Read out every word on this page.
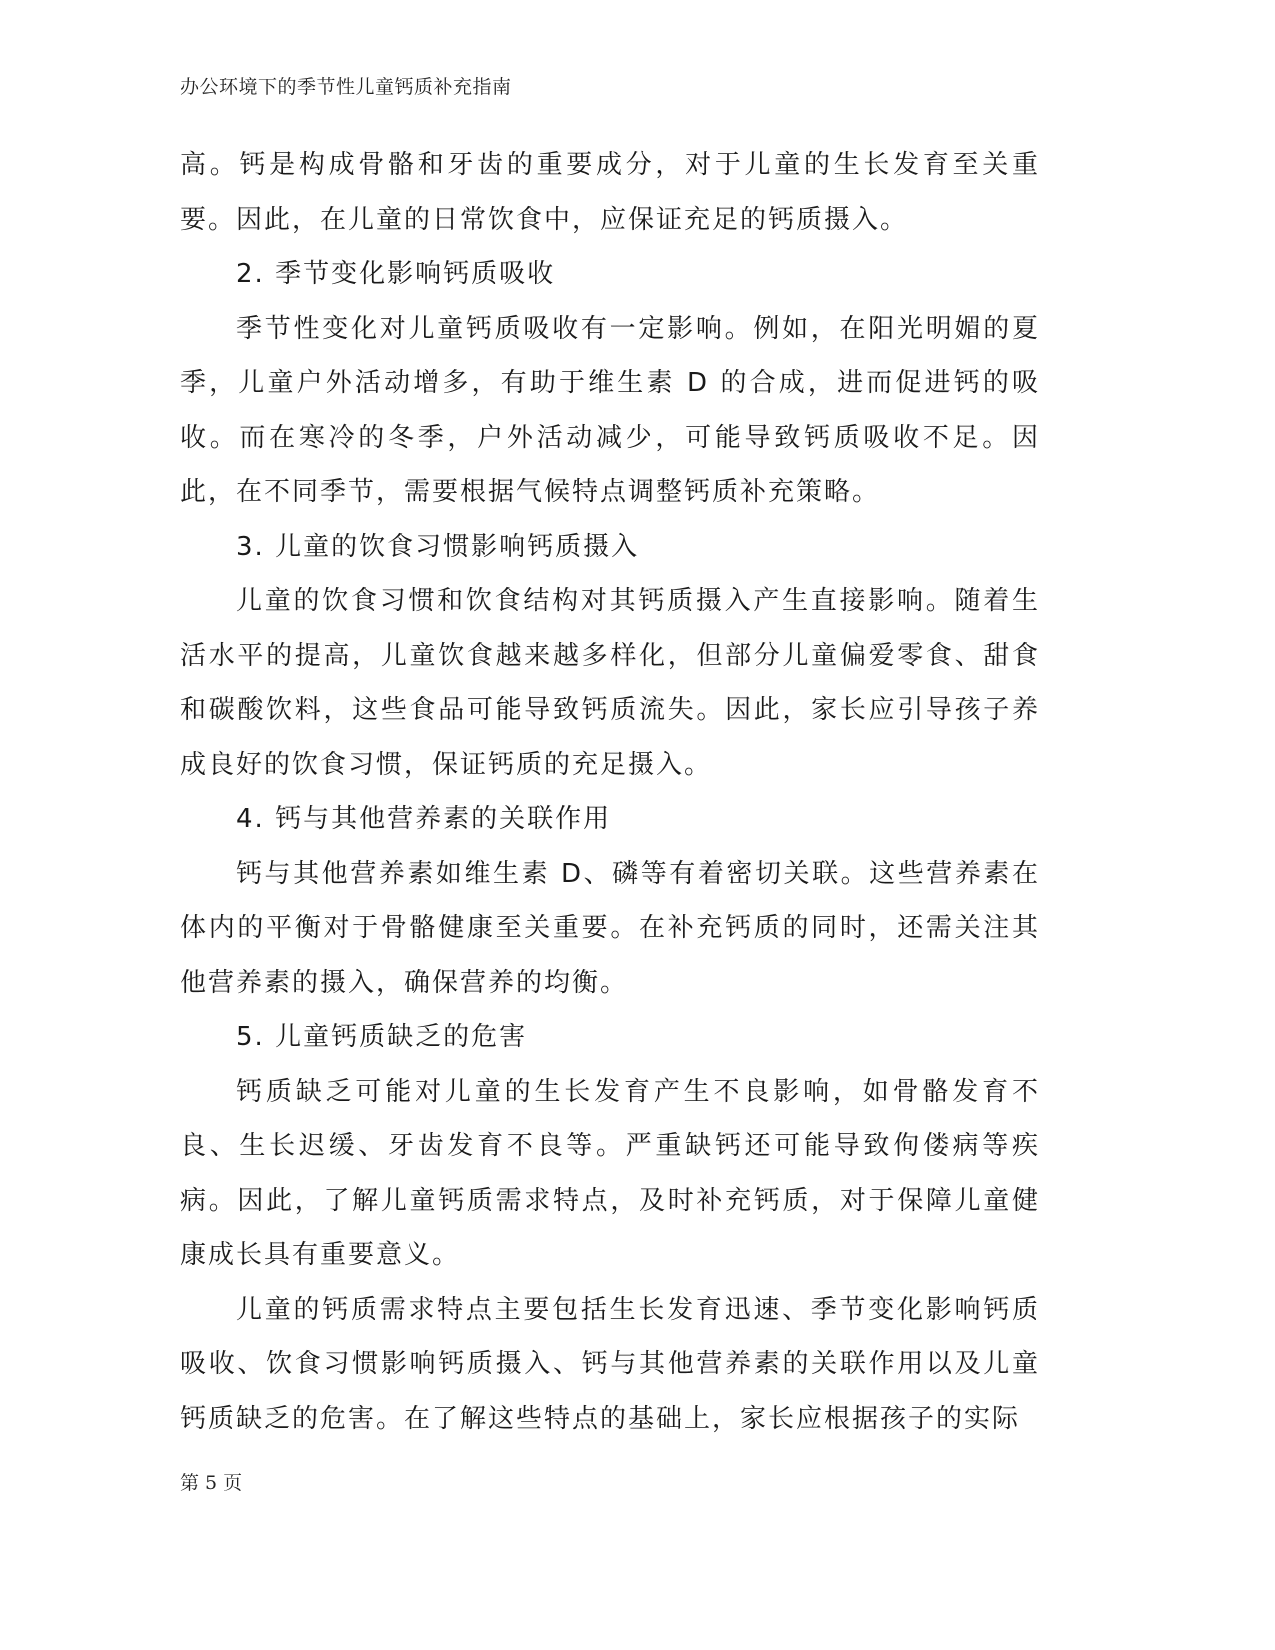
办公环境下的季节性儿童钙质补充指南

高。钙是构成骨骼和牙齿的重要成分，对于儿童的生长发育至关重要。因此，在儿童的日常饮食中，应保证充足的钙质摄入。

2. 季节变化影响钙质吸收

季节性变化对儿童钙质吸收有一定影响。例如，在阳光明媚的夏季，儿童户外活动增多，有助于维生素 D 的合成，进而促进钙的吸收。而在寒冷的冬季，户外活动减少，可能导致钙质吸收不足。因此，在不同季节，需要根据气候特点调整钙质补充策略。

3. 儿童的饮食习惯影响钙质摄入

儿童的饮食习惯和饮食结构对其钙质摄入产生直接影响。随着生活水平的提高，儿童饮食越来越多样化，但部分儿童偏爱零食、甜食和碳酸饮料，这些食品可能导致钙质流失。因此，家长应引导孩子养成良好的饮食习惯，保证钙质的充足摄入。

4. 钙与其他营养素的关联作用

钙与其他营养素如维生素 D、磷等有着密切关联。这些营养素在体内的平衡对于骨骼健康至关重要。在补充钙质的同时，还需关注其他营养素的摄入，确保营养的均衡。

5. 儿童钙质缺乏的危害

钙质缺乏可能对儿童的生长发育产生不良影响，如骨骼发育不良、生长迟缓、牙齿发育不良等。严重缺钙还可能导致佝偻病等疾病。因此，了解儿童钙质需求特点，及时补充钙质，对于保障儿童健康成长具有重要意义。

儿童的钙质需求特点主要包括生长发育迅速、季节变化影响钙质吸收、饮食习惯影响钙质摄入、钙与其他营养素的关联作用以及儿童钙质缺乏的危害。在了解这些特点的基础上，家长应根据孩子的实际

第 5 页
